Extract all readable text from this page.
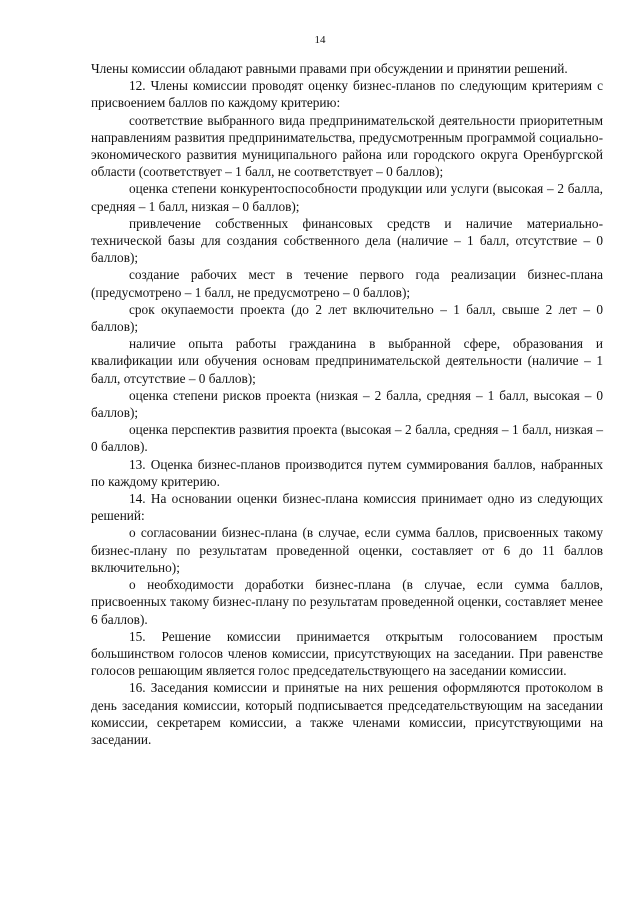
14

Члены комиссии обладают равными правами при обсуждении и принятии решений.

12. Члены комиссии проводят оценку бизнес-планов по следующим критериям с присвоением баллов по каждому критерию:

соответствие выбранного вида предпринимательской деятельности приоритетным направлениям развития предпринимательства, предусмотренным программой социально-экономического развития муниципального района или городского округа Оренбургской области (соответствует – 1 балл, не соответствует – 0 баллов);

оценка степени конкурентоспособности продукции или услуги (высокая – 2 балла, средняя – 1 балл, низкая – 0 баллов);

привлечение собственных финансовых средств и наличие материально-технической базы для создания собственного дела (наличие – 1 балл, отсутствие – 0 баллов);

создание рабочих мест в течение первого года реализации бизнес-плана (предусмотрено – 1 балл, не предусмотрено – 0 баллов);

срок окупаемости проекта (до 2 лет включительно – 1 балл, свыше 2 лет – 0 баллов);

наличие опыта работы гражданина в выбранной сфере, образования и квалификации или обучения основам предпринимательской деятельности (наличие – 1 балл, отсутствие – 0 баллов);

оценка степени рисков проекта (низкая – 2 балла, средняя – 1 балл, высокая – 0 баллов);

оценка перспектив развития проекта (высокая – 2 балла, средняя – 1 балл, низкая – 0 баллов).

13. Оценка бизнес-планов производится путем суммирования баллов, набранных по каждому критерию.

14. На основании оценки бизнес-плана комиссия принимает одно из следующих решений:

о согласовании бизнес-плана (в случае, если сумма баллов, присвоенных такому бизнес-плану по результатам проведенной оценки, составляет от 6 до 11 баллов включительно);

о необходимости доработки бизнес-плана (в случае, если сумма баллов, присвоенных такому бизнес-плану по результатам проведенной оценки, составляет менее 6 баллов).

15. Решение комиссии принимается открытым голосованием простым большинством голосов членов комиссии, присутствующих на заседании. При равенстве голосов решающим является голос председательствующего на заседании комиссии.

16. Заседания комиссии и принятые на них решения оформляются протоколом в день заседания комиссии, который подписывается председательствующим на заседании комиссии, секретарем комиссии, а также членами комиссии, присутствующими на заседании.
